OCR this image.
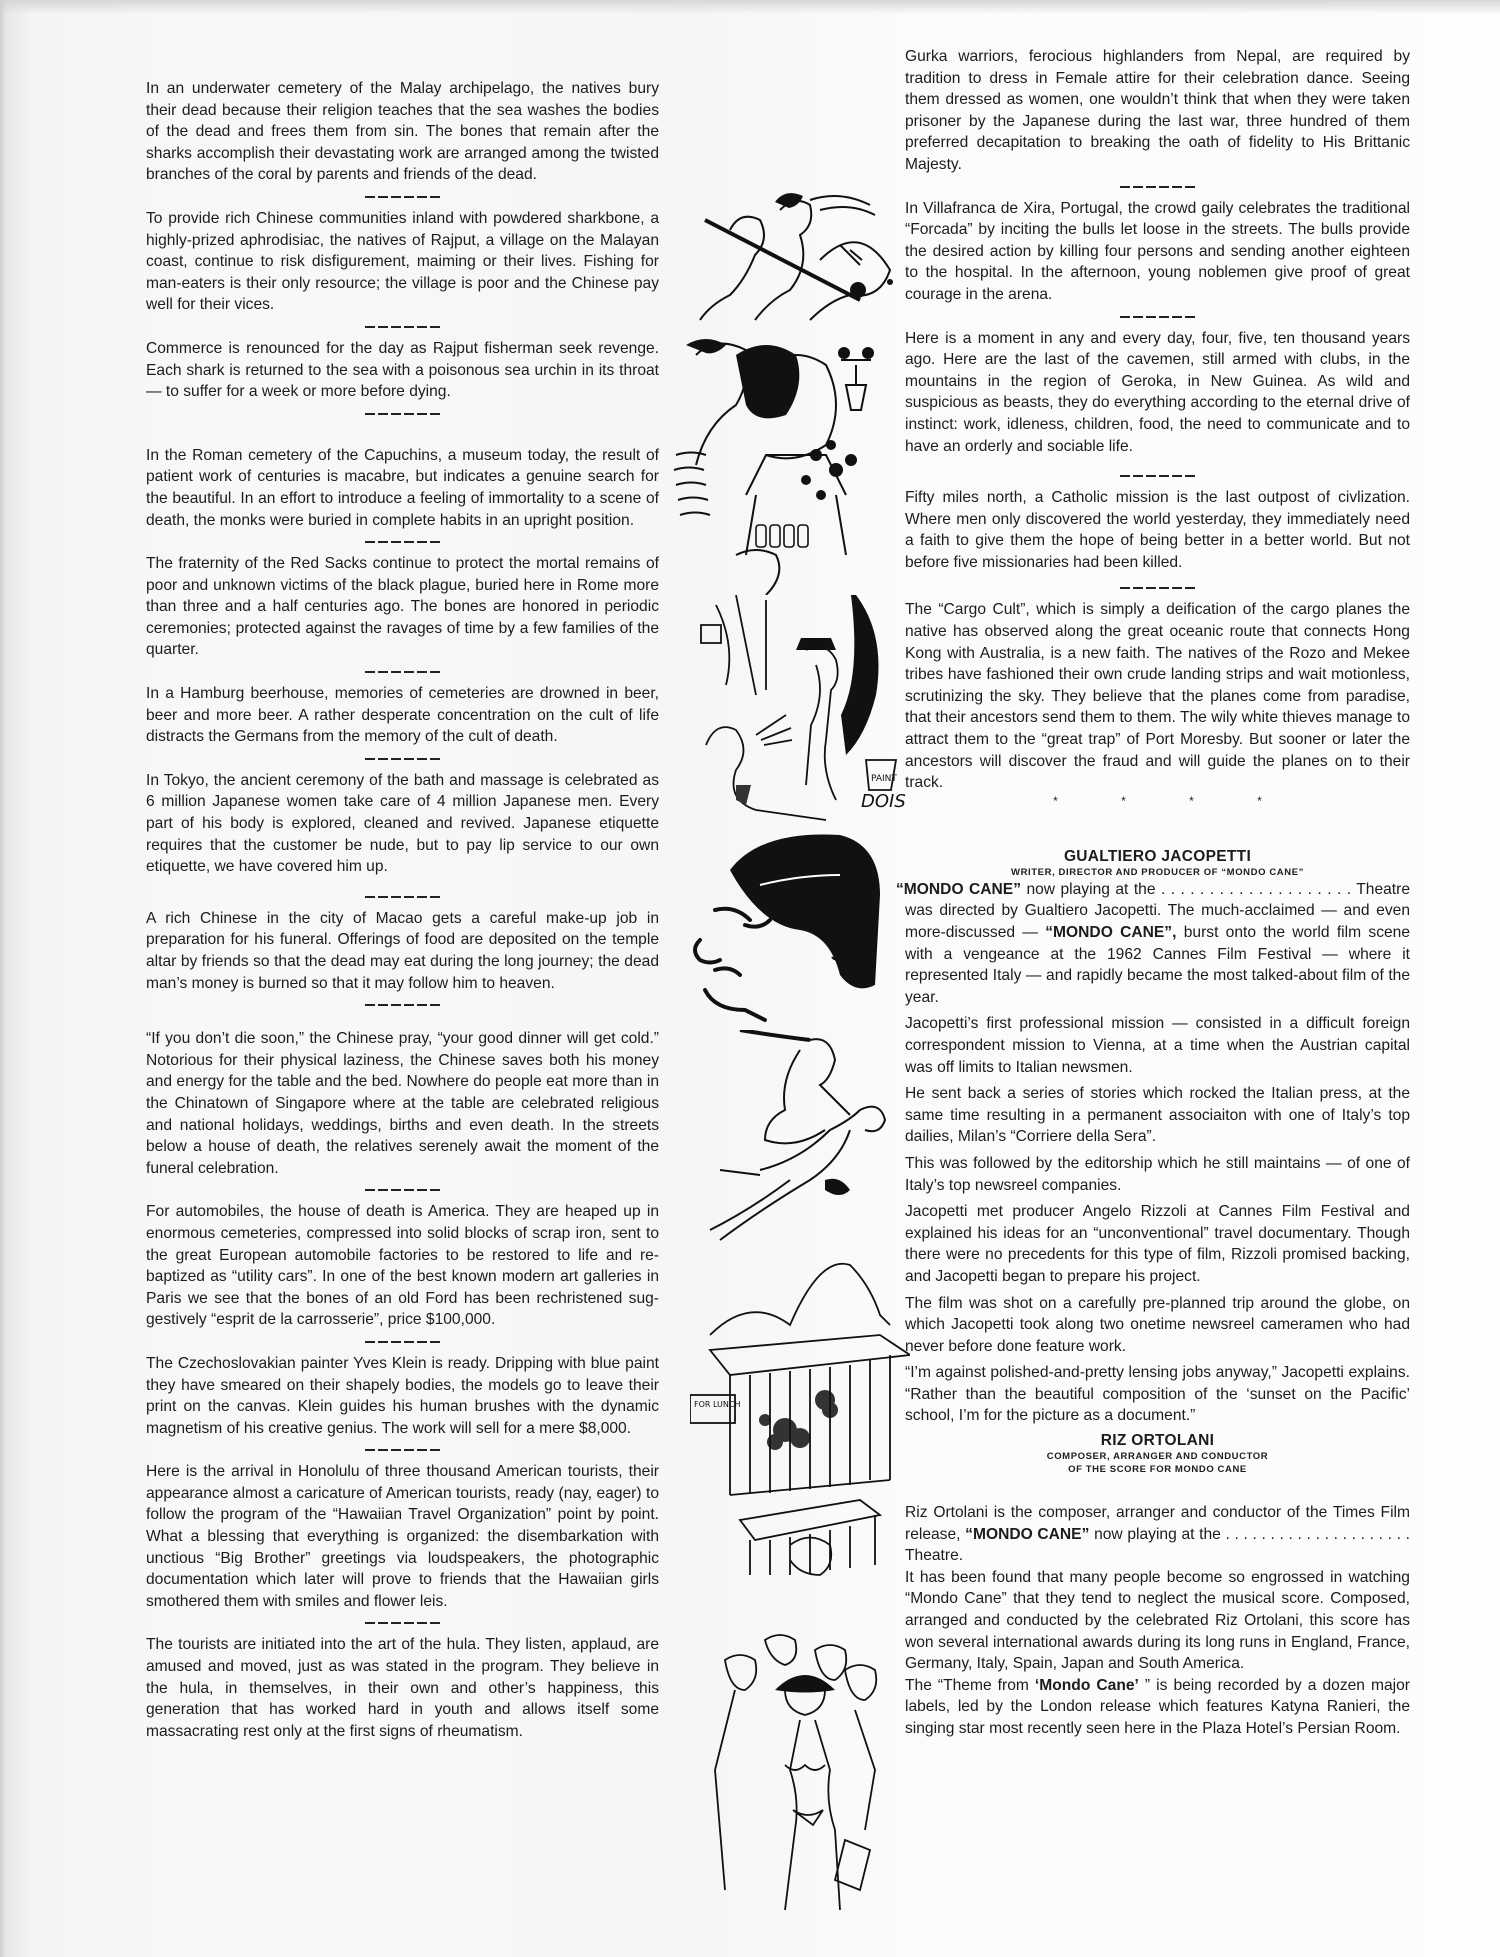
In an underwater cemetery of the Malay archipelago, the natives bury their dead because their religion teaches that the sea washes the bodies of the dead and frees them from sin. The bones that remain after the sharks accomplish their devastating work are arranged among the twisted branches of the coral by parents and friends of the dead.

To provide rich Chinese communities inland with powdered sharkbone, a highly-prized aphrodisiac, the natives of Rajput, a village on the Malayan coast, continue to risk disfigurement, maiming or their lives. Fishing for man-eaters is their only resource; the village is poor and the Chinese pay well for their vices.

Commerce is renounced for the day as Rajput fisherman seek revenge. Each shark is returned to the sea with a poisonous sea urchin in its throat — to suffer for a week or more before dying.

In the Roman cemetery of the Capuchins, a museum today, the result of patient work of centuries is macabre, but indicates a genuine search for the beautiful. In an effort to introduce a feeling of immortality to a scene of death, the monks were buried in complete habits in an upright position.

The fraternity of the Red Sacks continue to protect the mortal remains of poor and unknown victims of the black plague, buried here in Rome more than three and a half centuries ago. The bones are honored in periodic ceremonies; protected against the ravages of time by a few families of the quarter.

In a Hamburg beerhouse, memories of cemeteries are drowned in beer, beer and more beer. A rather desperate concentration on the cult of life distracts the Germans from the memory of the cult of death.

In Tokyo, the ancient ceremony of the bath and massage is celebrated as 6 million Japanese women take care of 4 million Japanese men. Every part of his body is explored, cleaned and revived. Japanese etiquette requires that the customer be nude, but to pay lip service to our own etiquette, we have covered him up.

A rich Chinese in the city of Macao gets a careful make-up job in preparation for his funeral. Offerings of food are deposited on the temple altar by friends so that the dead may eat during the long journey; the dead man’s money is burned so that it may follow him to heaven.

“If you don’t die soon,” the Chinese pray, “your good dinner will get cold.” Notorious for their physical laziness, the Chinese saves both his money and energy for the table and the bed. Nowhere do people eat more than in the Chinatown of Singapore where at the table are celebrated religious and national holidays, weddings, births and even death. In the streets below a house of death, the relatives serenely await the moment of the funeral celebration.

For automobiles, the house of death is America. They are heaped up in enormous cemeteries, compressed into solid blocks of scrap iron, sent to the great European automobile factories to be restored to life and re-baptized as “utility cars”. In one of the best known modern art galleries in Paris we see that the bones of an old Ford has been rechristened suggestively “esprit de la carrosserie”, price $100,000.

The Czechoslovakian painter Yves Klein is ready. Dripping with blue paint they have smeared on their shapely bodies, the models go to leave their print on the canvas. Klein guides his human brushes with the dynamic magnetism of his creative genius. The work will sell for a mere $8,000.

Here is the arrival in Honolulu of three thousand American tourists, their appearance almost a caricature of American tourists, ready (nay, eager) to follow the program of the “Hawaiian Travel Organization” point by point. What a blessing that everything is organized: the disembarkation with unctious “Big Brother” greetings via loudspeakers, the photographic documentation which later will prove to friends that the Hawaiian girls smothered them with smiles and flower leis.

The tourists are initiated into the art of the hula. They listen, applaud, are amused and moved, just as was stated in the program. They believe in the hula, in themselves, in their own and other’s happiness, this generation that has worked hard in youth and allows itself some massacrating rest only at the first signs of rheumatism.

Gurka warriors, ferocious highlanders from Nepal, are required by tradition to dress in Female attire for their celebration dance. Seeing them dressed as women, one wouldn’t think that when they were taken prisoner by the Japanese during the last war, three hundred of them preferred decapitation to breaking the oath of fidelity to His Brittanic Majesty.

In Villafranca de Xira, Portugal, the crowd gaily celebrates the traditional “Forcada” by inciting the bulls let loose in the streets. The bulls provide the desired action by killing four persons and sending another eighteen to the hospital. In the afternoon, young noblemen give proof of great courage in the arena.

Here is a moment in any and every day, four, five, ten thousand years ago. Here are the last of the cavemen, still armed with clubs, in the mountains in the region of Geroka, in New Guinea. As wild and suspicious as beasts, they do everything according to the eternal drive of instinct: work, idleness, children, food, the need to communicate and to have an orderly and sociable life.

Fifty miles north, a Catholic mission is the last outpost of civlization. Where men only discovered the world yesterday, they immediately need a faith to give them the hope of being better in a better world. But not before five missionaries had been killed.

The “Cargo Cult”, which is simply a deification of the cargo planes the native has observed along the great oceanic route that connects Hong Kong with Australia, is a new faith. The natives of the Rozo and Mekee tribes have fashioned their own crude landing strips and wait motionless, scrutinizing the sky. They believe that the planes come from paradise, that their ancestors send them to them. The wily white thieves manage to attract them to the “great trap” of Port Moresby. But sooner or later the ancestors will discover the fraud and will guide the planes on to their track.

* * * *
GUALTIERO JACOPETTI
WRITER, DIRECTOR AND PRODUCER OF “MONDO CANE”

“MONDO CANE” now playing at the . . . . . . . . . . . . . . . . . . . . Theatre was directed by Gualtiero Jacopetti. The much-acclaimed — and even more-discussed — “MONDO CANE”, burst onto the world film scene with a vengeance at the 1962 Cannes Film Festival — where it represented Italy — and rapidly became the most talked-about film of the year.

Jacopetti’s first professional mission — consisted in a difficult foreign correspondent mission to Vienna, at a time when the Austrian capital was off limits to Italian newsmen.

He sent back a series of stories which rocked the Italian press, at the same time resulting in a permanent associaiton with one of Italy’s top dailies, Milan’s “Corriere della Sera”.

This was followed by the editorship which he still maintains — of one of Italy’s top newsreel companies.

Jacopetti met producer Angelo Rizzoli at Cannes Film Festival and explained his ideas for an “unconventional” travel documentary. Though there were no precedents for this type of film, Rizzoli promised backing, and Jacopetti began to prepare his project.

The film was shot on a carefully pre-planned trip around the globe, on which Jacopetti took along two onetime newsreel cameramen who had never before done feature work.

“I’m against polished-and-pretty lensing jobs anyway,” Jacopetti explains. “Rather than the beautiful composition of the ‘sunset on the Pacific’ school, I’m for the picture as a document.”

RIZ ORTOLANI
COMPOSER, ARRANGER AND CONDUCTOR
OF THE SCORE FOR MONDO CANE

Riz Ortolani is the composer, arranger and conductor of the Times Film release, “MONDO CANE” now playing at the . . . . . . . . . . . . . . . . . . . . . Theatre.

It has been found that many people become so engrossed in watching “Mondo Cane” that they tend to neglect the musical score. Composed, arranged and conducted by the celebrated Riz Ortolani, this score has won several international awards during its long runs in England, France, Germany, Italy, Spain, Japan and South America.

The “Theme from ‘Mondo Cane’ ” is being recorded by a dozen major labels, led by the London release which features Katyna Ranieri, the singing star most recently seen here in the Plaza Hotel’s Persian Room.

PAINT
DOIS
FOR LUNCH
